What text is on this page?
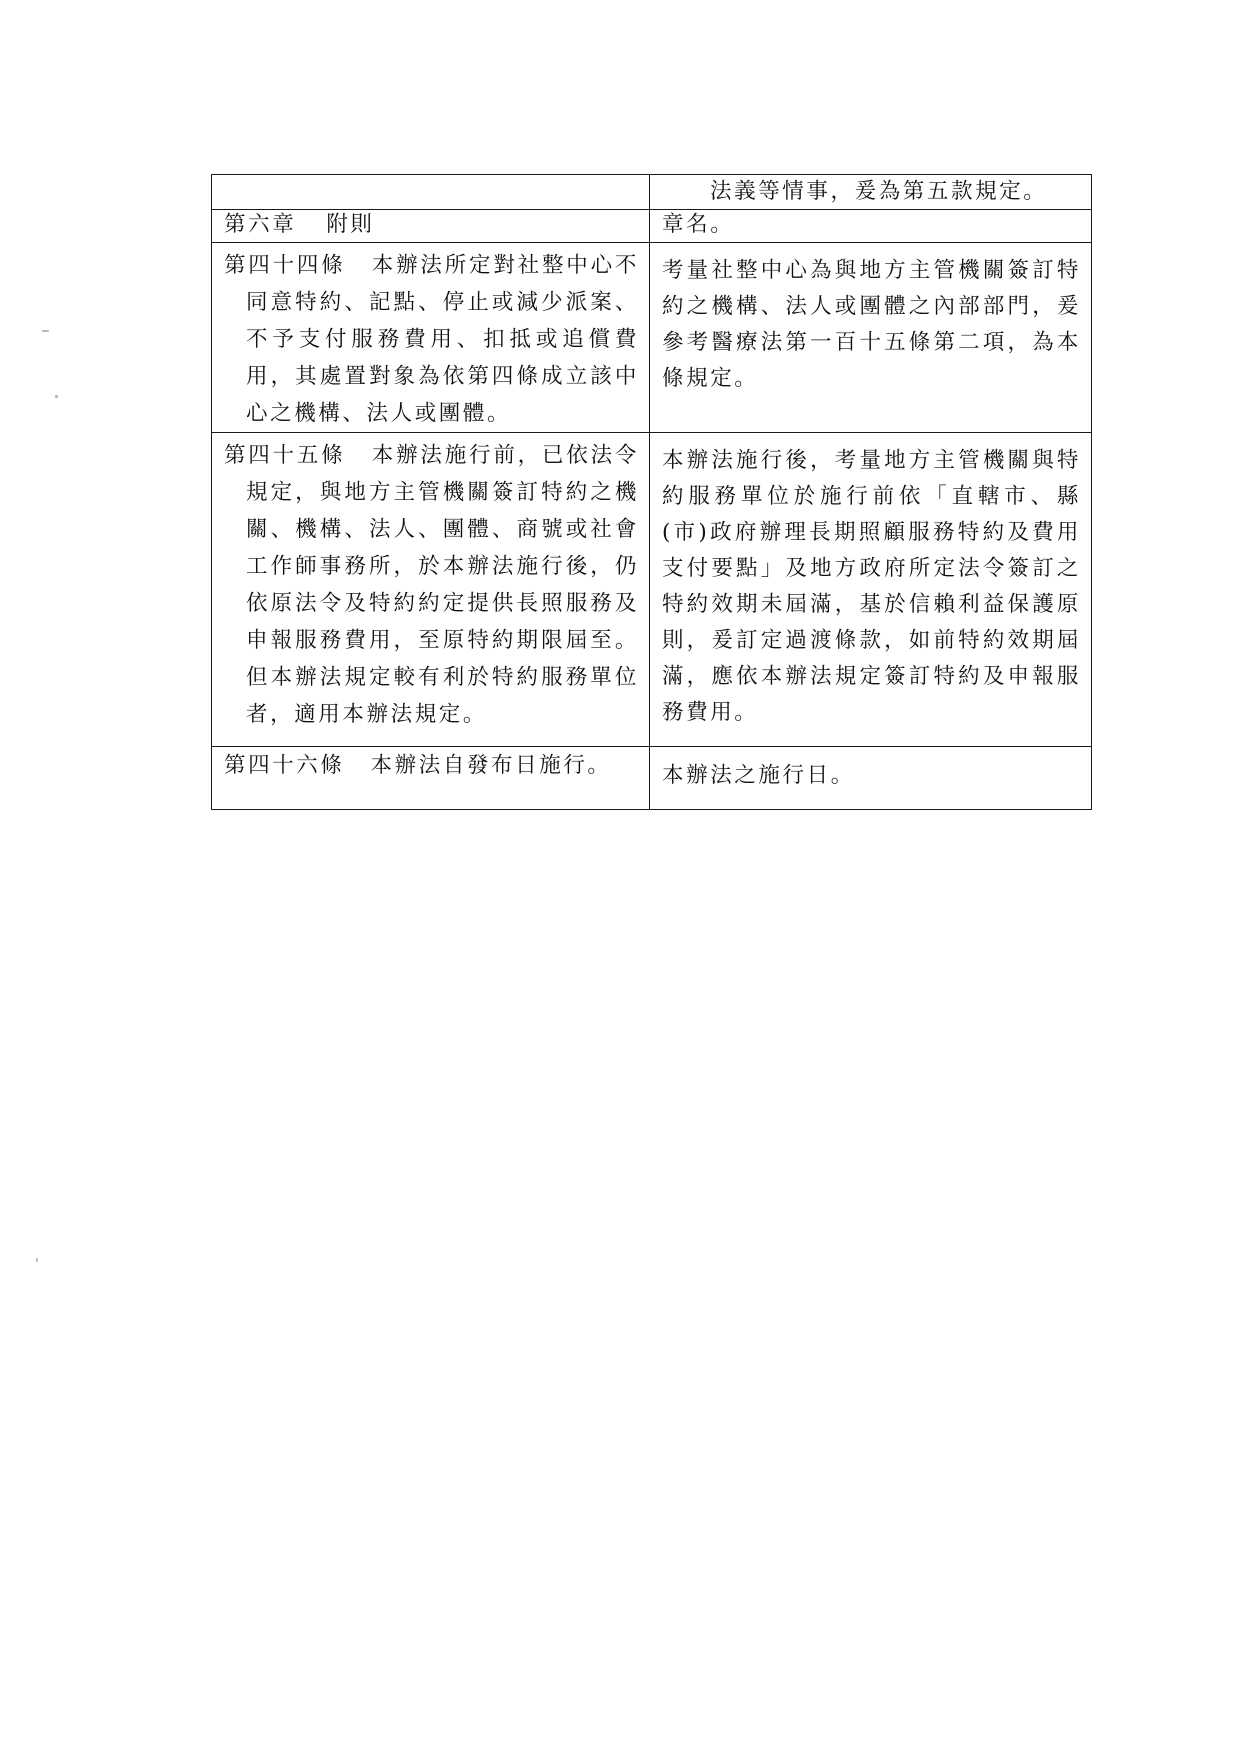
	法義等情事，爰為第五款規定。

第六章 附則	章名。

第四十四條 本辦法所定對社整中心不同意特約、記點、停止或減少派案、不予支付服務費用、扣抵或追償費用，其處置對象為依第四條成立該中心之機構、法人或團體。	考量社整中心為與地方主管機關簽訂特約之機構、法人或團體之內部部門，爰參考醫療法第一百十五條第二項，為本條規定。

第四十五條 本辦法施行前，已依法令規定，與地方主管機關簽訂特約之機關、機構、法人、團體、商號或社會工作師事務所，於本辦法施行後，仍依原法令及特約約定提供長照服務及申報服務費用，至原特約期限屆至。但本辦法規定較有利於特約服務單位者，適用本辦法規定。	本辦法施行後，考量地方主管機關與特約服務單位於施行前依「直轄市、縣(市)政府辦理長期照顧服務特約及費用支付要點」及地方政府所定法令簽訂之特約效期未屆滿，基於信賴利益保護原則，爰訂定過渡條款，如前特約效期屆滿，應依本辦法規定簽訂特約及申報服務費用。

第四十六條 本辦法自發布日施行。	本辦法之施行日。
